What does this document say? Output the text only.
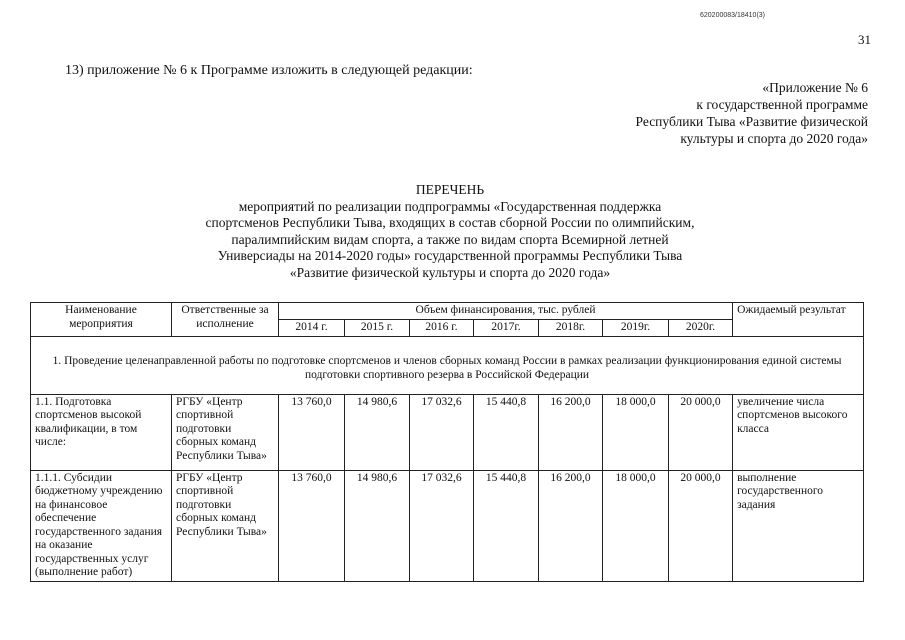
620200083/18410(3)
31
13) приложение № 6 к Программе изложить в следующей редакции:
«Приложение № 6
к государственной программе
Республики Тыва «Развитие физической
культуры и спорта до 2020 года»
ПЕРЕЧЕНЬ
мероприятий по реализации подпрограммы «Государственная поддержка
спортсменов Республики Тыва, входящих в состав сборной России по олимпийским,
паралимпийским видам спорта, а также по видам спорта Всемирной летней
Универсиады на 2014-2020 годы» государственной программы Республики Тыва
«Развитие физической культуры и спорта до 2020 года»
Наименование мероприятия	Ответственные за исполнение	Объем финансирования, тыс. рублей							Ожидаемый результат
		2014 г.	2015 г.	2016 г.	2017г.	2018г.	2019г.	2020г.	
1. Проведение целенаправленной работы по подготовке спортсменов и членов сборных команд России в рамках реализации функционирования единой системы подготовки спортивного резерва в Российской Федерации									
1.1. Подготовка спортсменов высокой квалификации, в том числе:	РГБУ «Центр спортивной подготовки сборных команд Республики Тыва»	13 760,0	14 980,6	17 032,6	15 440,8	16 200,0	18 000,0	20 000,0	увеличение числа спортсменов высокого класса
1.1.1. Субсидии бюджетному учреждению на финансовое обеспечение государственного задания на оказание государственных услуг (выполнение работ)	РГБУ «Центр спортивной подготовки сборных команд Республики Тыва»	13 760,0	14 980,6	17 032,6	15 440,8	16 200,0	18 000,0	20 000,0	выполнение государственного задания
